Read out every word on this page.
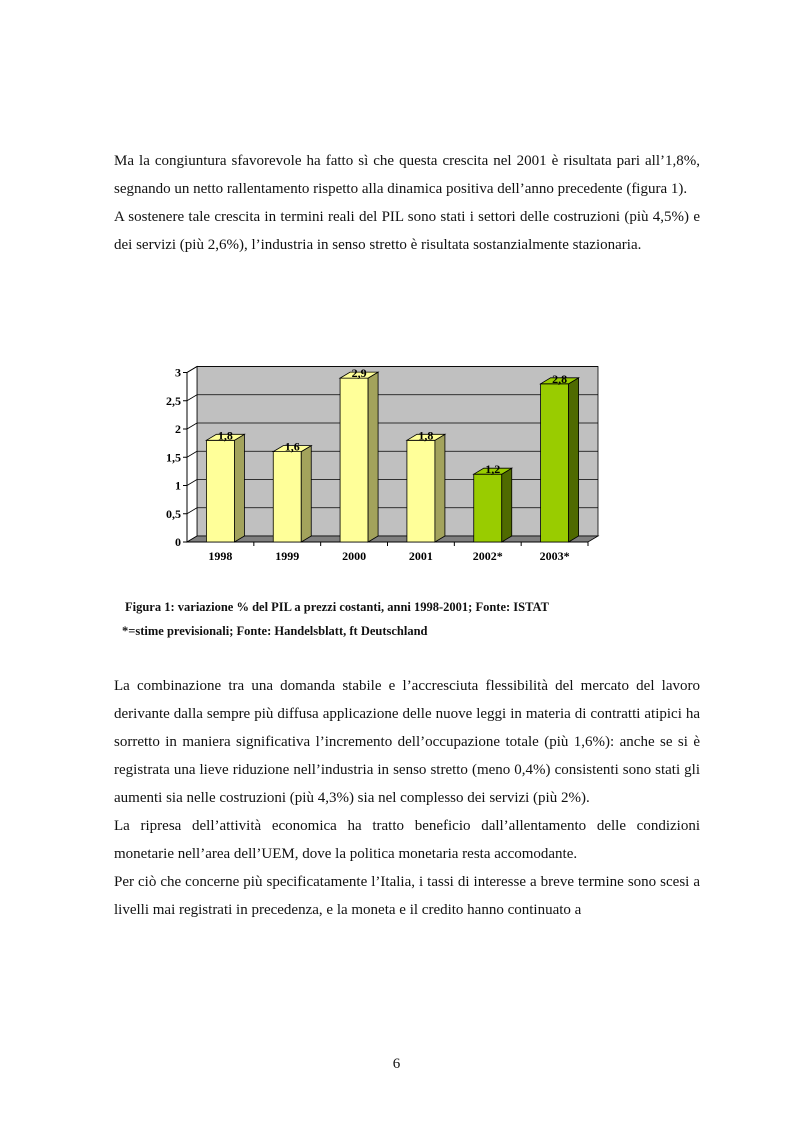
Ma la congiuntura sfavorevole ha fatto sì che questa crescita nel 2001 è risultata pari all’1,8%, segnando un netto rallentamento rispetto alla dinamica positiva dell’anno precedente (figura 1).

A sostenere tale crescita in termini reali del PIL sono stati i settori delle costruzioni (più 4,5%) e dei servizi (più 2,6%), l’industria in senso stretto è risultata sostanzialmente stazionaria.

0
0,5
1
1,5
2
2,5
3
1,8
1998
1,6
1999
2,9
2000
1,8
2001
1,2
2002*
2,8
2003*

Figura 1: variazione % del PIL a prezzi costanti, anni 1998-2001; Fonte: ISTAT

*=stime previsionali; Fonte: Handelsblatt, ft Deutschland

La combinazione tra una domanda stabile e l’accresciuta flessibilità del mercato del lavoro derivante dalla sempre più diffusa applicazione delle nuove leggi in materia di contratti atipici ha sorretto in maniera significativa l’incremento dell’occupazione totale (più 1,6%): anche se si è registrata una lieve riduzione nell’industria in senso stretto (meno 0,4%) consistenti sono stati gli aumenti sia nelle costruzioni (più 4,3%) sia nel complesso dei servizi (più 2%).

La ripresa dell’attività economica ha tratto beneficio dall’allentamento delle condizioni monetarie nell’area dell’UEM, dove la politica monetaria resta accomodante.

Per ciò che concerne più specificatamente l’Italia, i tassi di interesse a breve termine sono scesi a livelli mai registrati in precedenza, e la moneta e il credito hanno continuato a

6
